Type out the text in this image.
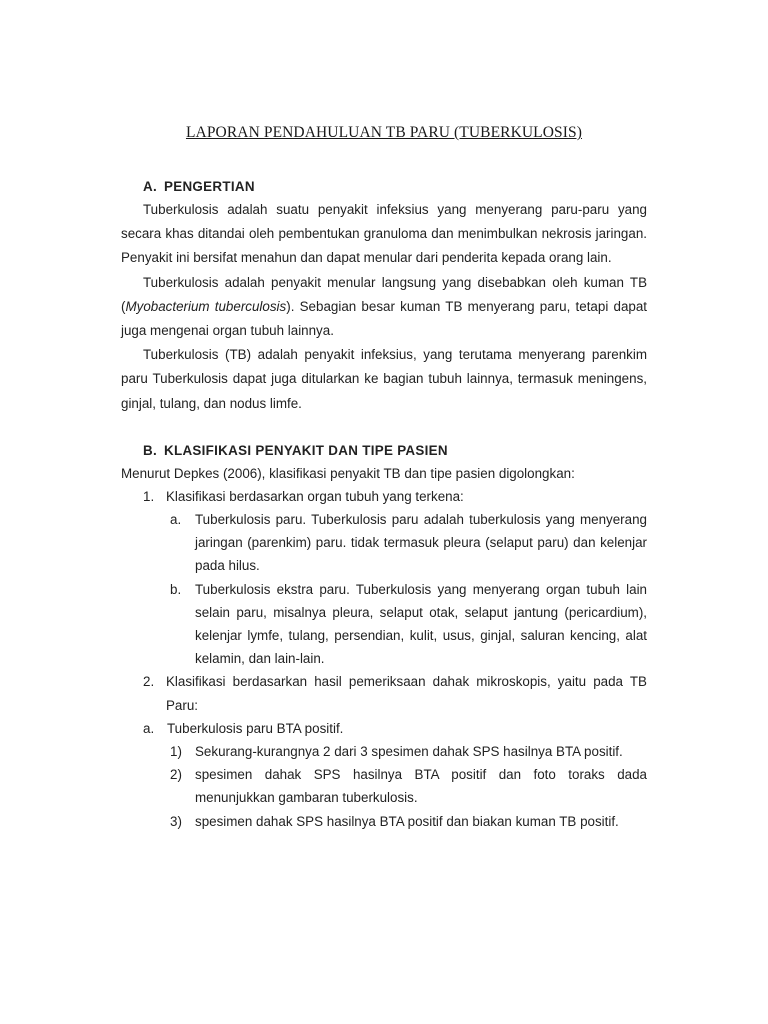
LAPORAN PENDAHULUAN TB PARU (TUBERKULOSIS)
A. PENGERTIAN

Tuberkulosis adalah suatu penyakit infeksius yang menyerang paru-paru yang secara khas ditandai oleh pembentukan granuloma dan menimbulkan nekrosis jaringan. Penyakit ini bersifat menahun dan dapat menular dari penderita kepada orang lain.

Tuberkulosis adalah penyakit menular langsung yang disebabkan oleh kuman TB (Myobacterium tuberculosis). Sebagian besar kuman TB menyerang paru, tetapi dapat juga mengenai organ tubuh lainnya.

Tuberkulosis (TB) adalah penyakit infeksius, yang terutama menyerang parenkim paru Tuberkulosis dapat juga ditularkan ke bagian tubuh lainnya, termasuk meningens, ginjal, tulang, dan nodus limfe.

B. KLASIFIKASI PENYAKIT DAN TIPE PASIEN

Menurut Depkes (2006), klasifikasi penyakit TB dan tipe pasien digolongkan:

1. Klasifikasi berdasarkan organ tubuh yang terkena:
a.	Tuberkulosis paru. Tuberkulosis paru adalah tuberkulosis yang menyerang jaringan (parenkim) paru. tidak termasuk pleura (selaput paru) dan kelenjar pada hilus.
b.	Tuberkulosis ekstra paru. Tuberkulosis yang menyerang organ tubuh lain selain paru, misalnya pleura, selaput otak, selaput jantung (pericardium), kelenjar lymfe, tulang, persendian, kulit, usus, ginjal, saluran kencing, alat kelamin, dan lain-lain.
2. Klasifikasi berdasarkan hasil pemeriksaan dahak mikroskopis, yaitu pada TB Paru:
a. Tuberkulosis paru BTA positif.
1) Sekurang-kurangnya 2 dari 3 spesimen dahak SPS hasilnya BTA positif.
2) spesimen dahak SPS hasilnya BTA positif dan foto toraks dada menunjukkan gambaran tuberkulosis.
3) spesimen dahak SPS hasilnya BTA positif dan biakan kuman TB positif.
